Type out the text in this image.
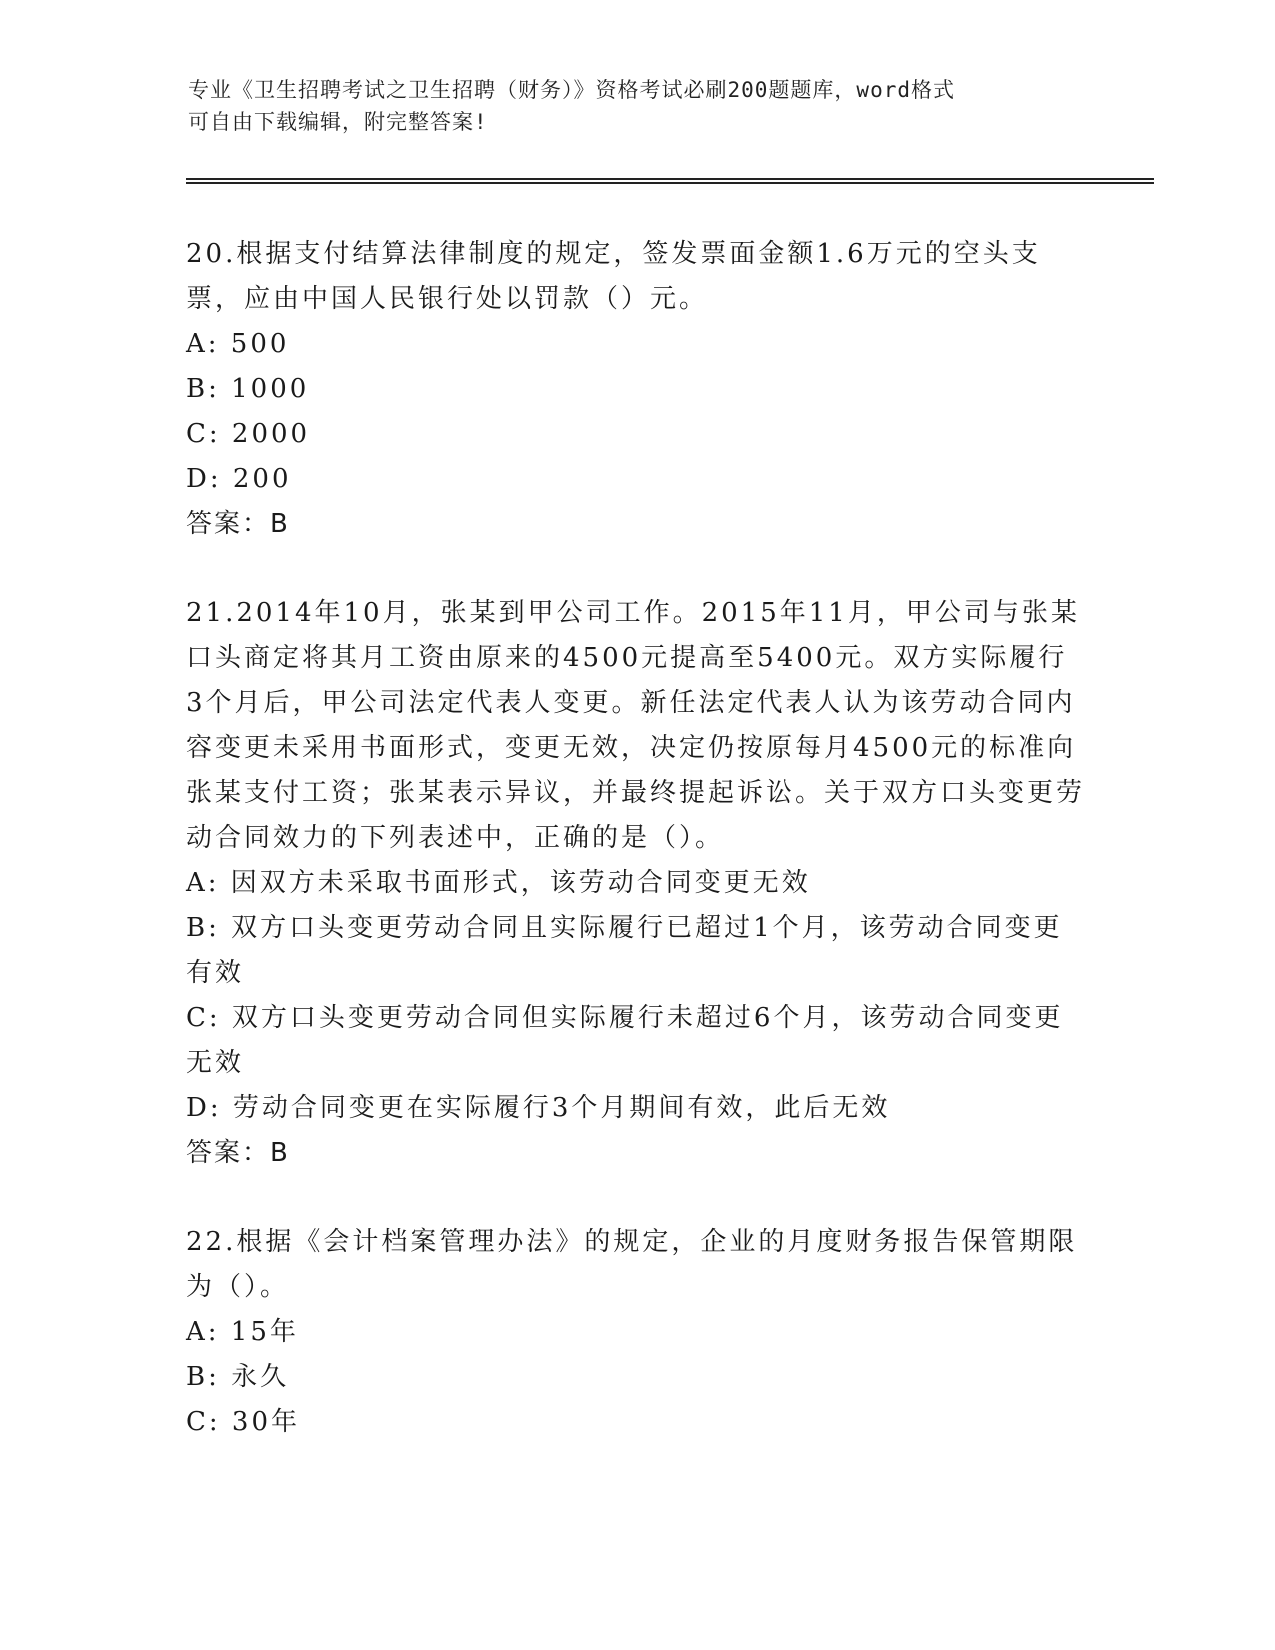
专业《卫生招聘考试之卫生招聘（财务）》资格考试必刷200题题库，word格式
可自由下载编辑，附完整答案!

20.根据支付结算法律制度的规定，签发票面金额1.6万元的空头支票，应由中国人民银行处以罚款（）元。

A: 500

B: 1000

C: 2000

D: 200

答案：B

21.2014年10月，张某到甲公司工作。2015年11月，甲公司与张某口头商定将其月工资由原来的4500元提高至5400元。双方实际履行3个月后，甲公司法定代表人变更。新任法定代表人认为该劳动合同内容变更未采用书面形式，变更无效，决定仍按原每月4500元的标准向张某支付工资；张某表示异议，并最终提起诉讼。关于双方口头变更劳动合同效力的下列表述中，正确的是（）。

A: 因双方未采取书面形式，该劳动合同变更无效

B: 双方口头变更劳动合同且实际履行已超过1个月，该劳动合同变更有效

C: 双方口头变更劳动合同但实际履行未超过6个月，该劳动合同变更无效

D: 劳动合同变更在实际履行3个月期间有效，此后无效

答案：B

22.根据《会计档案管理办法》的规定，企业的月度财务报告保管期限为（）。

A: 15年

B: 永久

C: 30年
